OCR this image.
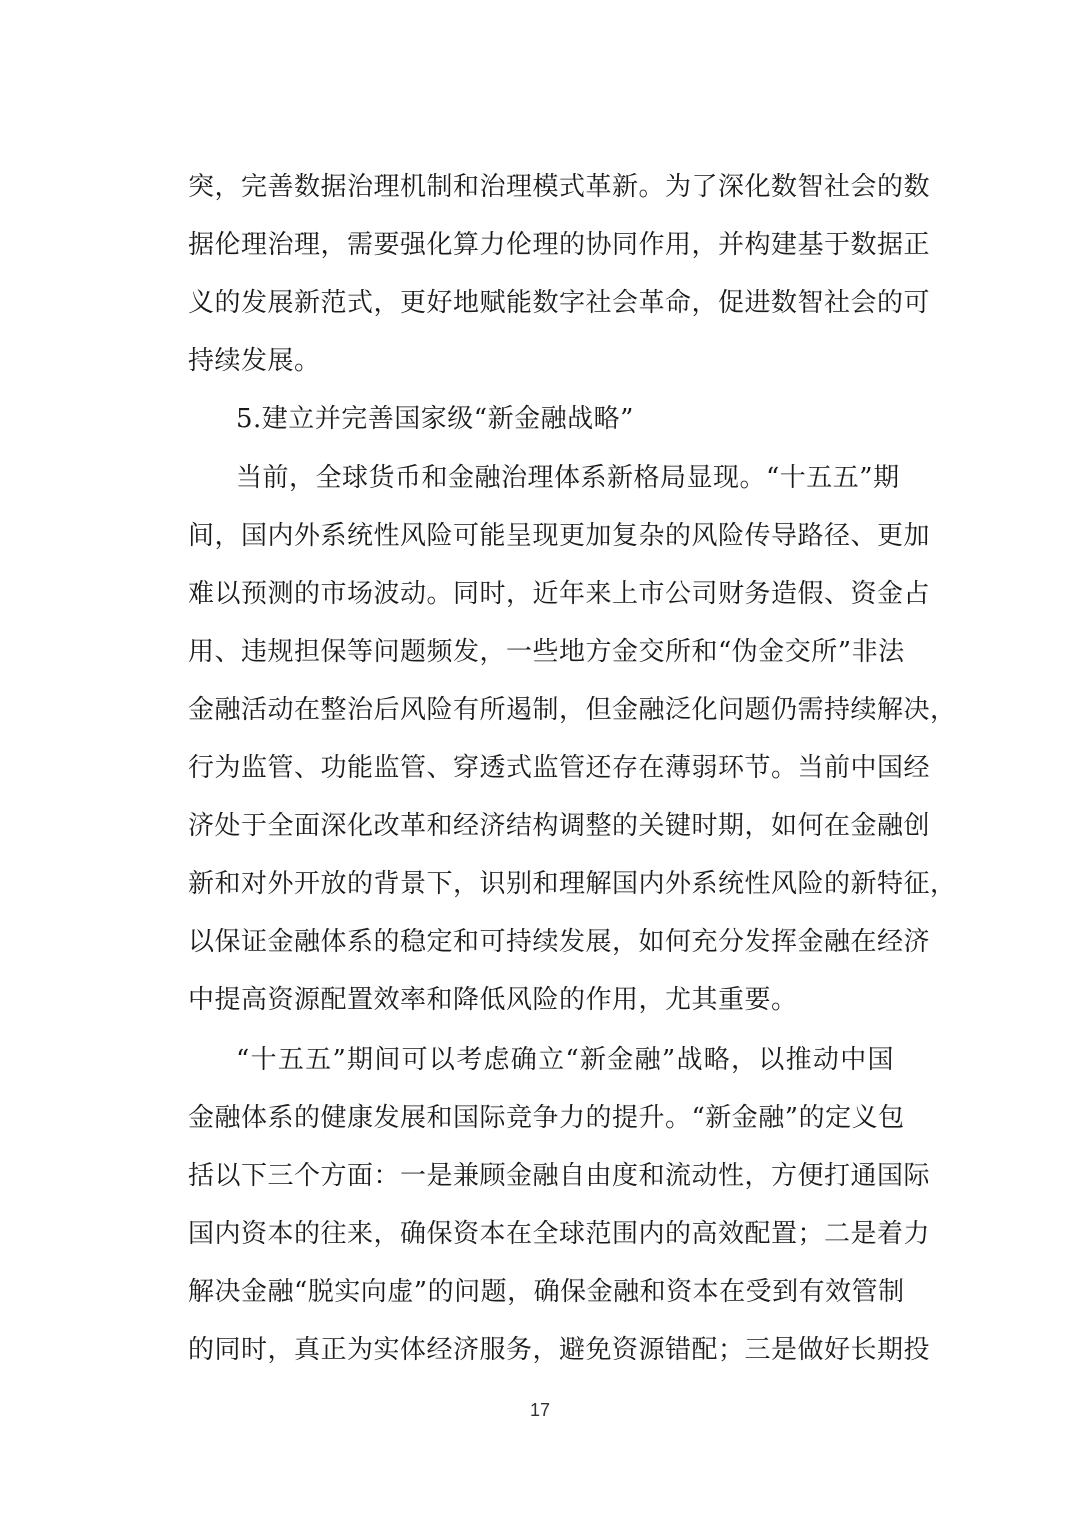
突，完善数据治理机制和治理模式革新。为了深化数智社会的数
据伦理治理，需要强化算力伦理的协同作用，并构建基于数据正
义的发展新范式，更好地赋能数字社会革命，促进数智社会的可
持续发展。
5.建立并完善国家级“新金融战略”
当前，全球货币和金融治理体系新格局显现。“十五五”期
间，国内外系统性风险可能呈现更加复杂的风险传导路径、更加
难以预测的市场波动。同时，近年来上市公司财务造假、资金占
用、违规担保等问题频发，一些地方金交所和“伪金交所”非法
金融活动在整治后风险有所遏制，但金融泛化问题仍需持续解决，
行为监管、功能监管、穿透式监管还存在薄弱环节。当前中国经
济处于全面深化改革和经济结构调整的关键时期，如何在金融创
新和对外开放的背景下，识别和理解国内外系统性风险的新特征，
以保证金融体系的稳定和可持续发展，如何充分发挥金融在经济
中提高资源配置效率和降低风险的作用，尤其重要。
“十五五”期间可以考虑确立“新金融”战略，以推动中国
金融体系的健康发展和国际竞争力的提升。“新金融”的定义包
括以下三个方面：一是兼顾金融自由度和流动性，方便打通国际
国内资本的往来，确保资本在全球范围内的高效配置；二是着力
解决金融“脱实向虚”的问题，确保金融和资本在受到有效管制
的同时，真正为实体经济服务，避免资源错配；三是做好长期投
17
